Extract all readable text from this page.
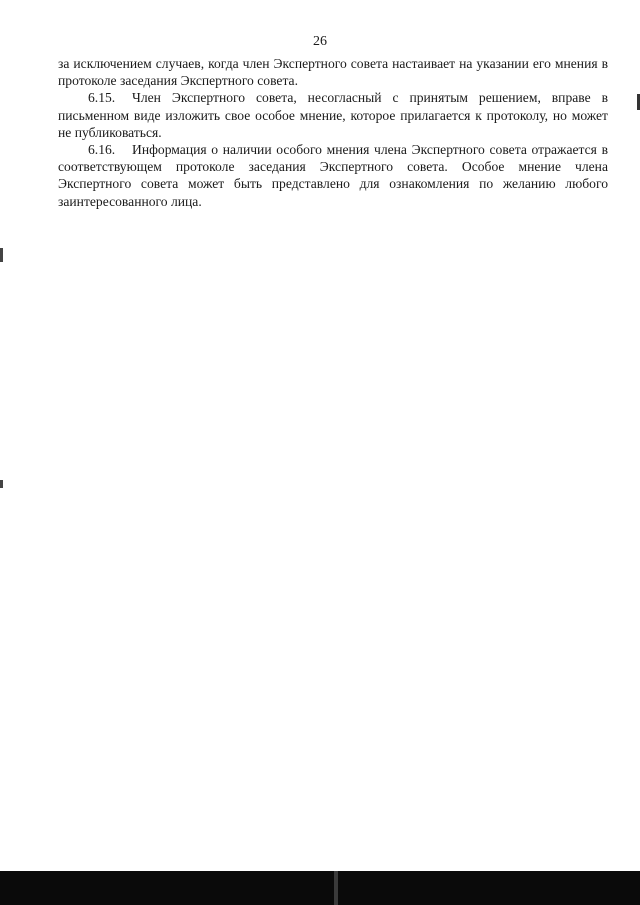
26

за исключением случаев, когда член Экспертного совета настаивает на указании его мнения в протоколе заседания Экспертного совета.

6.15. Член Экспертного совета, несогласный с принятым решением, вправе в письменном виде изложить свое особое мнение, которое прилагается к протоколу, но может не публиковаться.

6.16. Информация о наличии особого мнения члена Экспертного совета отражается в соответствующем протоколе заседания Экспертного совета. Особое мнение члена Экспертного совета может быть представлено для ознакомления по желанию любого заинтересованного лица.
